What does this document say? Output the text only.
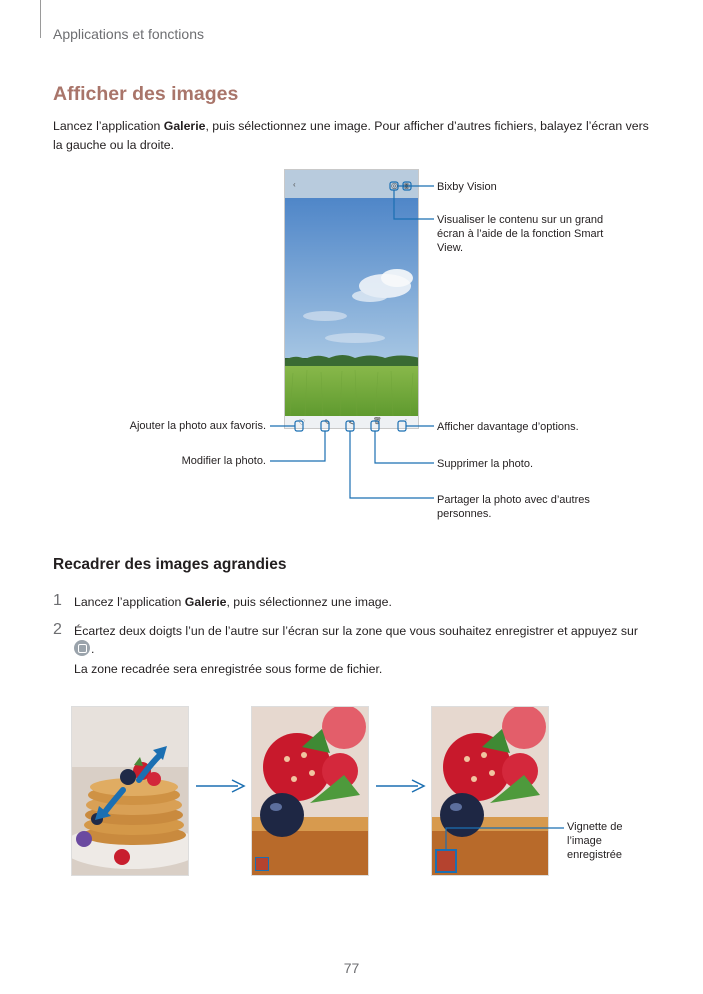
Applications et fonctions
Afficher des images

Lancez l’application Galerie, puis sélectionnez une image. Pour afficher d’autres fichiers, balayez l’écran vers la gauche ou la droite.

‹	◎ ◉
♡ ✎ <	🗑	⋮
Bixby Vision
Visualiser le contenu sur un grand écran à l’aide de la fonction Smart View.
Afficher davantage d’options.
Supprimer la photo.
Partager la photo avec d’autres personnes.
Ajouter la photo aux favoris.
Modifier la photo.
Recadrer des images agrandies
1 Lancez l’application Galerie, puis sélectionnez une image.

2 Écartez deux doigts l’un de l’autre sur l’écran sur la zone que vous souhaitez enregistrer et appuyez sur
.

La zone recadrée sera enregistrée sous forme de fichier.

Vignette de l’image enregistrée
77
